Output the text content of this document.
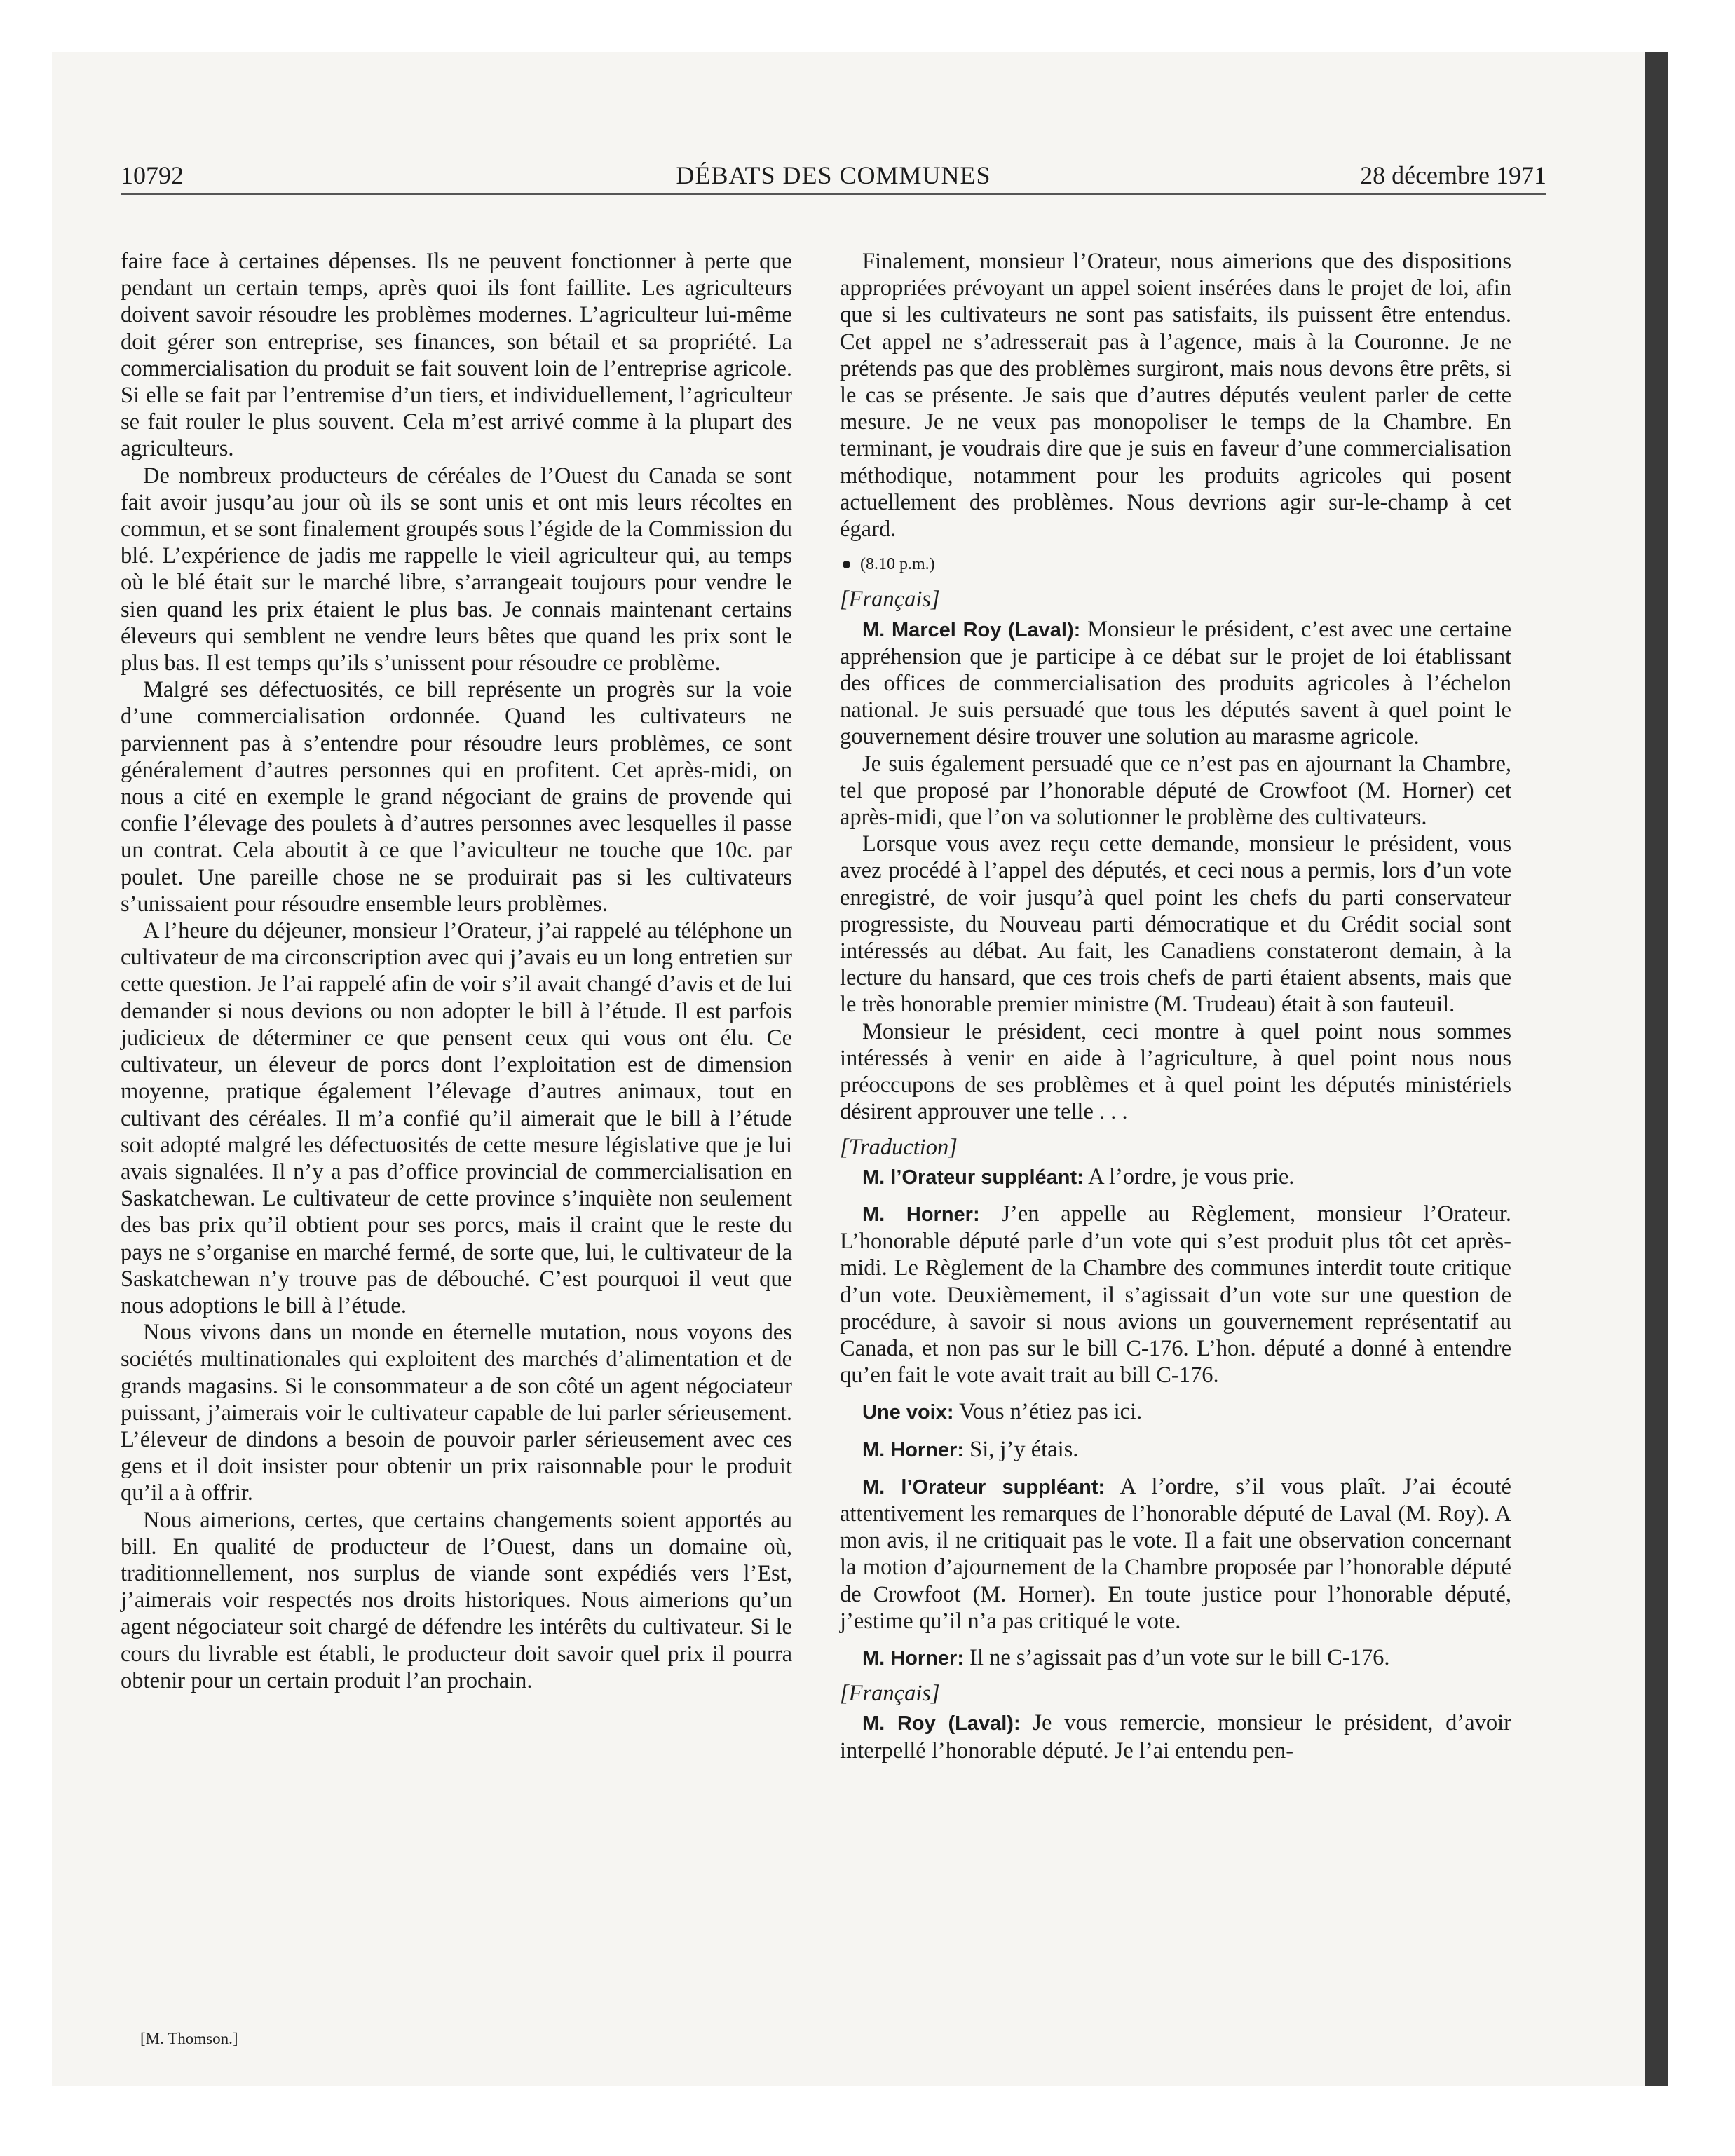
10792	DÉBATS DES COMMUNES	28 décembre 1971

faire face à certaines dépenses. Ils ne peuvent fonctionner à perte que pendant un certain temps, après quoi ils font faillite. Les agriculteurs doivent savoir résoudre les problèmes modernes. L’agriculteur lui-même doit gérer son entreprise, ses finances, son bétail et sa propriété. La commercialisation du produit se fait souvent loin de l’entreprise agricole. Si elle se fait par l’entremise d’un tiers, et individuellement, l’agriculteur se fait rouler le plus souvent. Cela m’est arrivé comme à la plupart des agriculteurs.

De nombreux producteurs de céréales de l’Ouest du Canada se sont fait avoir jusqu’au jour où ils se sont unis et ont mis leurs récoltes en commun, et se sont finalement groupés sous l’égide de la Commission du blé. L’expérience de jadis me rappelle le vieil agriculteur qui, au temps où le blé était sur le marché libre, s’arrangeait toujours pour vendre le sien quand les prix étaient le plus bas. Je connais maintenant certains éleveurs qui semblent ne vendre leurs bêtes que quand les prix sont le plus bas. Il est temps qu’ils s’unissent pour résoudre ce problème.

Malgré ses défectuosités, ce bill représente un progrès sur la voie d’une commercialisation ordonnée. Quand les cultivateurs ne parviennent pas à s’entendre pour résoudre leurs problèmes, ce sont généralement d’autres personnes qui en profitent. Cet après-midi, on nous a cité en exemple le grand négociant de grains de provende qui confie l’élevage des poulets à d’autres personnes avec lesquelles il passe un contrat. Cela aboutit à ce que l’aviculteur ne touche que 10c. par poulet. Une pareille chose ne se produirait pas si les cultivateurs s’unissaient pour résoudre ensemble leurs problèmes.

A l’heure du déjeuner, monsieur l’Orateur, j’ai rappelé au téléphone un cultivateur de ma circonscription avec qui j’avais eu un long entretien sur cette question. Je l’ai rappelé afin de voir s’il avait changé d’avis et de lui demander si nous devions ou non adopter le bill à l’étude. Il est parfois judicieux de déterminer ce que pensent ceux qui vous ont élu. Ce cultivateur, un éleveur de porcs dont l’exploitation est de dimension moyenne, pratique également l’élevage d’autres animaux, tout en cultivant des céréales. Il m’a confié qu’il aimerait que le bill à l’étude soit adopté malgré les défectuosités de cette mesure législative que je lui avais signalées. Il n’y a pas d’office provincial de commercialisation en Saskatchewan. Le cultivateur de cette province s’inquiète non seulement des bas prix qu’il obtient pour ses porcs, mais il craint que le reste du pays ne s’organise en marché fermé, de sorte que, lui, le cultivateur de la Saskatchewan n’y trouve pas de débouché. C’est pourquoi il veut que nous adoptions le bill à l’étude.

Nous vivons dans un monde en éternelle mutation, nous voyons des sociétés multinationales qui exploitent des marchés d’alimentation et de grands magasins. Si le consommateur a de son côté un agent négociateur puissant, j’aimerais voir le cultivateur capable de lui parler sérieusement. L’éleveur de dindons a besoin de pouvoir parler sérieusement avec ces gens et il doit insister pour obtenir un prix raisonnable pour le produit qu’il a à offrir.

Nous aimerions, certes, que certains changements soient apportés au bill. En qualité de producteur de l’Ouest, dans un domaine où, traditionnellement, nos surplus de viande sont expédiés vers l’Est, j’aimerais voir respectés nos droits historiques. Nous aimerions qu’un agent négociateur soit chargé de défendre les intérêts du cultivateur. Si le cours du livrable est établi, le producteur doit savoir quel prix il pourra obtenir pour un certain produit l’an prochain.

[M. Thomson.]

Finalement, monsieur l’Orateur, nous aimerions que des dispositions appropriées prévoyant un appel soient insérées dans le projet de loi, afin que si les cultivateurs ne sont pas satisfaits, ils puissent être entendus. Cet appel ne s’adresserait pas à l’agence, mais à la Couronne. Je ne prétends pas que des problèmes surgiront, mais nous devons être prêts, si le cas se présente. Je sais que d’autres députés veulent parler de cette mesure. Je ne veux pas monopoliser le temps de la Chambre. En terminant, je voudrais dire que je suis en faveur d’une commercialisation méthodique, notamment pour les produits agricoles qui posent actuellement des problèmes. Nous devrions agir sur-le-champ à cet égard.

(8.10 p.m.)
[Français]

M. Marcel Roy (Laval): Monsieur le président, c’est avec une certaine appréhension que je participe à ce débat sur le projet de loi établissant des offices de commercialisation des produits agricoles à l’échelon national. Je suis persuadé que tous les députés savent à quel point le gouvernement désire trouver une solution au marasme agricole.

Je suis également persuadé que ce n’est pas en ajournant la Chambre, tel que proposé par l’honorable député de Crowfoot (M. Horner) cet après-midi, que l’on va solutionner le problème des cultivateurs.

Lorsque vous avez reçu cette demande, monsieur le président, vous avez procédé à l’appel des députés, et ceci nous a permis, lors d’un vote enregistré, de voir jusqu’à quel point les chefs du parti conservateur progressiste, du Nouveau parti démocratique et du Crédit social sont intéressés au débat. Au fait, les Canadiens constateront demain, à la lecture du hansard, que ces trois chefs de parti étaient absents, mais que le très honorable premier ministre (M. Trudeau) était à son fauteuil.

Monsieur le président, ceci montre à quel point nous sommes intéressés à venir en aide à l’agriculture, à quel point nous nous préoccupons de ses problèmes et à quel point les députés ministériels désirent approuver une telle . . .

[Traduction]

M. l’Orateur suppléant: A l’ordre, je vous prie.

M. Horner: J’en appelle au Règlement, monsieur l’Orateur. L’honorable député parle d’un vote qui s’est produit plus tôt cet après-midi. Le Règlement de la Chambre des communes interdit toute critique d’un vote. Deuxièmement, il s’agissait d’un vote sur une question de procédure, à savoir si nous avions un gouvernement représentatif au Canada, et non pas sur le bill C-176. L’hon. député a donné à entendre qu’en fait le vote avait trait au bill C-176.

Une voix: Vous n’étiez pas ici.

M. Horner: Si, j’y étais.

M. l’Orateur suppléant: A l’ordre, s’il vous plaît. J’ai écouté attentivement les remarques de l’honorable député de Laval (M. Roy). A mon avis, il ne critiquait pas le vote. Il a fait une observation concernant la motion d’ajournement de la Chambre proposée par l’honorable député de Crowfoot (M. Horner). En toute justice pour l’honorable député, j’estime qu’il n’a pas critiqué le vote.

M. Horner: Il ne s’agissait pas d’un vote sur le bill C-176.

[Français]

M. Roy (Laval): Je vous remercie, monsieur le président, d’avoir interpellé l’honorable député. Je l’ai entendu pen-
